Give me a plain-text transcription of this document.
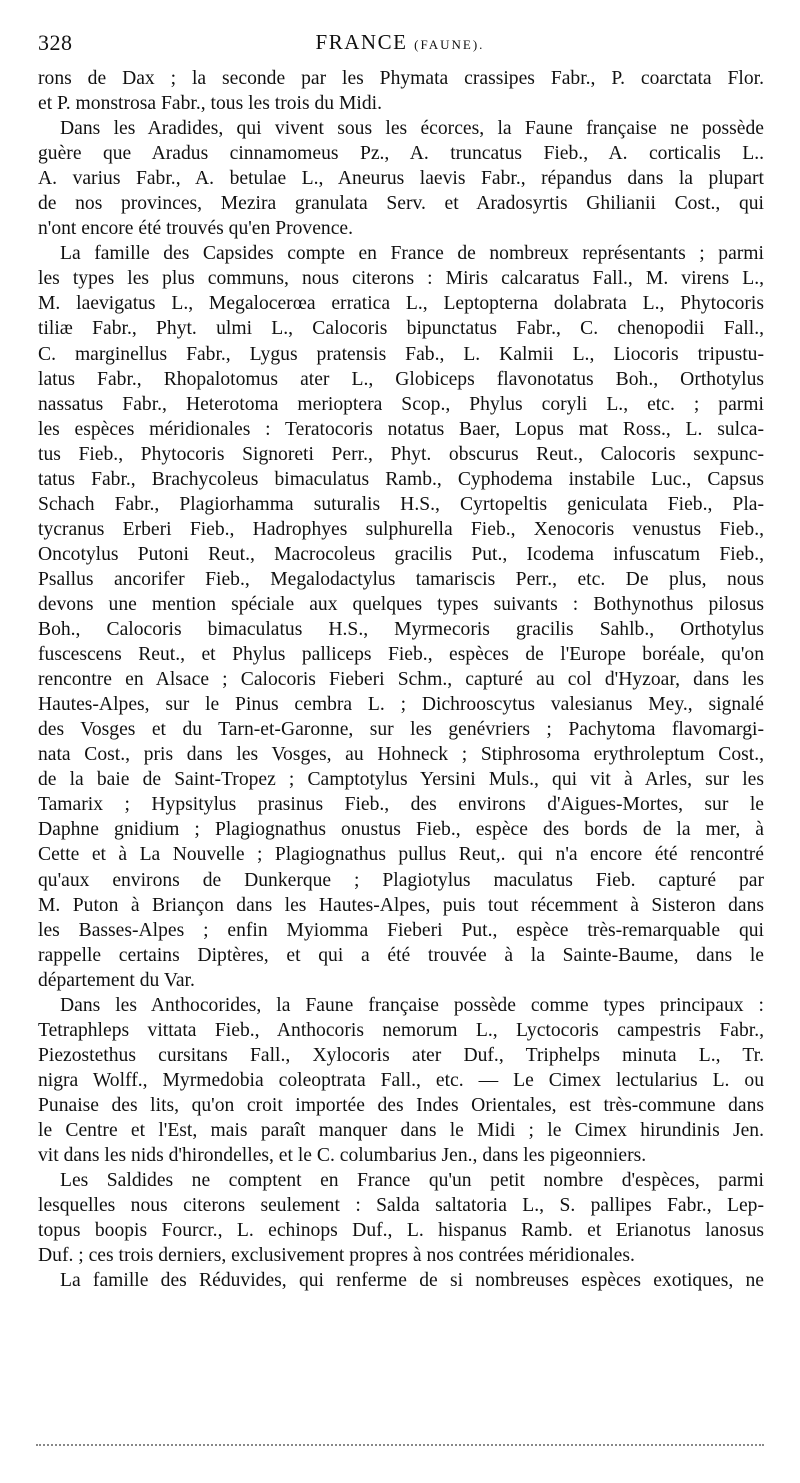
328	FRANCE (FAUNE).
rons de Dax ; la seconde par les Phymata crassipes Fabr., P. coarctata Flor.
et P. monstrosa Fabr., tous les trois du Midi.
Dans les Aradides, qui vivent sous les écorces, la Faune française ne possède
guère que Aradus cinnamomeus Pz., A. truncatus Fieb., A. corticalis L..
A. varius Fabr., A. betulae L., Aneurus laevis Fabr., répandus dans la plupart
de nos provinces, Mezira granulata Serv. et Aradosyrtis Ghilianii Cost., qui
n'ont encore été trouvés qu'en Provence.
La famille des Capsides compte en France de nombreux représentants ; parmi
les types les plus communs, nous citerons : Miris calcaratus Fall., M. virens L.,
M. laevigatus L., Megalocerœa erratica L., Leptopterna dolabrata L., Phytocoris
tiliæ Fabr., Phyt. ulmi L., Calocoris bipunctatus Fabr., C. chenopodii Fall.,
C. marginellus Fabr., Lygus pratensis Fab., L. Kalmii L., Liocoris tripustu-
latus Fabr., Rhopalotomus ater L., Globiceps flavonotatus Boh., Orthotylus
nassatus Fabr., Heterotoma merioptera Scop., Phylus coryli L., etc. ; parmi
les espèces méridionales : Teratocoris notatus Baer, Lopus mat Ross., L. sulca-
tus Fieb., Phytocoris Signoreti Perr., Phyt. obscurus Reut., Calocoris sexpunc-
tatus Fabr., Brachycoleus bimaculatus Ramb., Cyphodema instabile Luc., Capsus
Schach Fabr., Plagiorhamma suturalis H.S., Cyrtopeltis geniculata Fieb., Pla-
tycranus Erberi Fieb., Hadrophyes sulphurella Fieb., Xenocoris venustus Fieb.,
Oncotylus Putoni Reut., Macrocoleus gracilis Put., Icodema infuscatum Fieb.,
Psallus ancorifer Fieb., Megalodactylus tamariscis Perr., etc. De plus, nous
devons une mention spéciale aux quelques types suivants : Bothynothus pilosus
Boh., Calocoris bimaculatus H.S., Myrmecoris gracilis Sahlb., Orthotylus
fuscescens Reut., et Phylus palliceps Fieb., espèces de l'Europe boréale, qu'on
rencontre en Alsace ; Calocoris Fieberi Schm., capturé au col d'Hyzoar, dans les
Hautes-Alpes, sur le Pinus cembra L. ; Dichrooscytus valesianus Mey., signalé
des Vosges et du Tarn-et-Garonne, sur les genévriers ; Pachytoma flavomargi-
nata Cost., pris dans les Vosges, au Hohneck ; Stiphrosoma erythroleptum Cost.,
de la baie de Saint-Tropez ; Camptotylus Yersini Muls., qui vit à Arles, sur les
Tamarix ; Hypsitylus prasinus Fieb., des environs d'Aigues-Mortes, sur le
Daphne gnidium ; Plagiognathus onustus Fieb., espèce des bords de la mer, à
Cette et à La Nouvelle ; Plagiognathus pullus Reut,. qui n'a encore été rencontré
qu'aux environs de Dunkerque ; Plagiotylus maculatus Fieb. capturé par
M. Puton à Briançon dans les Hautes-Alpes, puis tout récemment à Sisteron dans
les Basses-Alpes ; enfin Myiomma Fieberi Put., espèce très-remarquable qui
rappelle certains Diptères, et qui a été trouvée à la Sainte-Baume, dans le
département du Var.
Dans les Anthocorides, la Faune française possède comme types principaux :
Tetraphleps vittata Fieb., Anthocoris nemorum L., Lyctocoris campestris Fabr.,
Piezostethus cursitans Fall., Xylocoris ater Duf., Triphelps minuta L., Tr.
nigra Wolff., Myrmedobia coleoptrata Fall., etc. — Le Cimex lectularius L. ou
Punaise des lits, qu'on croit importée des Indes Orientales, est très-commune dans
le Centre et l'Est, mais paraît manquer dans le Midi ; le Cimex hirundinis Jen.
vit dans les nids d'hirondelles, et le C. columbarius Jen., dans les pigeonniers.
Les Saldides ne comptent en France qu'un petit nombre d'espèces, parmi
lesquelles nous citerons seulement : Salda saltatoria L., S. pallipes Fabr., Lep-
topus boopis Fourcr., L. echinops Duf., L. hispanus Ramb. et Erianotus lanosus
Duf. ; ces trois derniers, exclusivement propres à nos contrées méridionales.
La famille des Réduvides, qui renferme de si nombreuses espèces exotiques, ne
